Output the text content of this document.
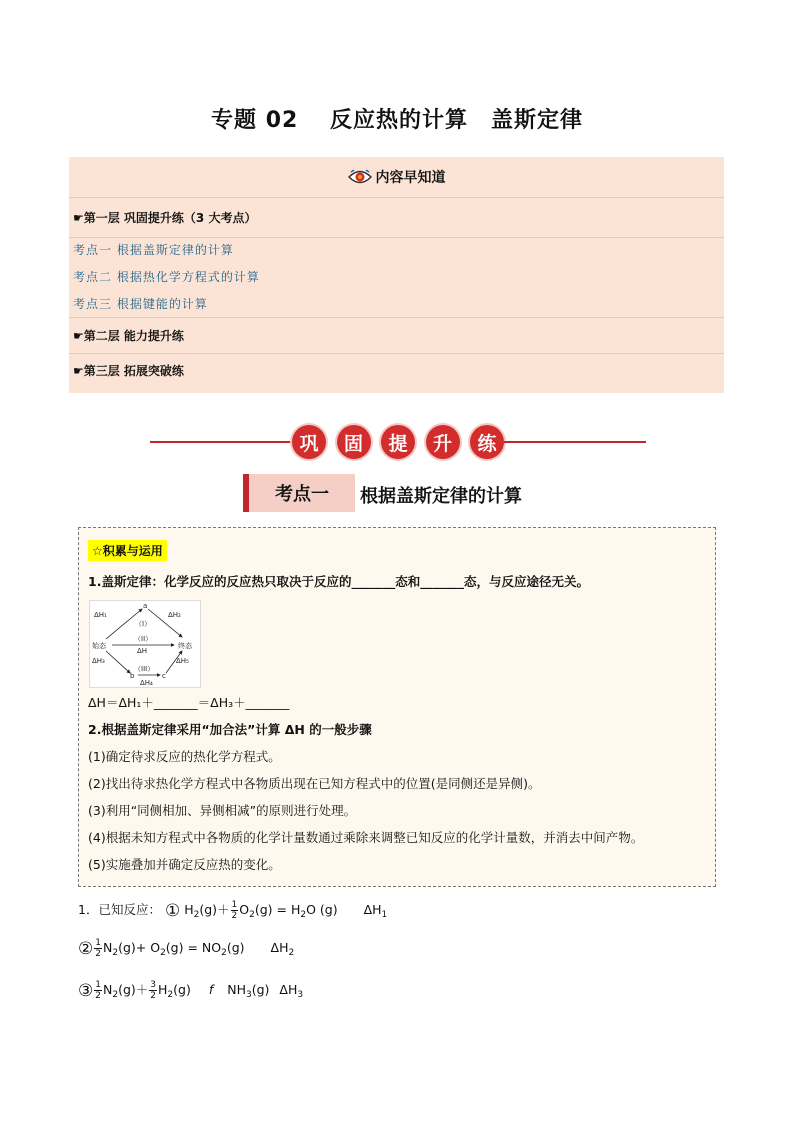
专题 02　 反应热的计算　盖斯定律
内容早知道
☛第一层 巩固提升练（3 大考点）
考点一 根据盖斯定律的计算
考点二 根据热化学方程式的计算
考点三 根据键能的计算
☛第二层 能力提升练
☛第三层 拓展突破练
巩	固	提	升	练
考点一	根据盖斯定律的计算
☆积累与运用
1.盖斯定律：化学反应的反应热只取决于反应的_______态和_______态，与反应途径无关。
a
ΔH₁	ΔH₂
（I）
（II）
始态	终态
ΔH
ΔH₃
b	c
（III）
ΔH₅
ΔH₄
ΔH＝ΔH₁＋_______＝ΔH₃＋_______
2.根据盖斯定律采用“加合法”计算 ΔH 的一般步骤
(1)确定待求反应的热化学方程式。
(2)找出待求热化学方程式中各物质出现在已知方程式中的位置(是同侧还是异侧)。
(3)利用“同侧相加、异侧相减”的原则进行处理。
(4)根据未知方程式中各物质的化学计量数通过乘除来调整已知反应的化学计量数，并消去中间产物。
(5)实施叠加并确定反应热的变化。
1．已知反应： ① $H_2(g)+ \frac{1}{2} O_2(g) = H_2O$ (g) $\Delta H_1$
② $\frac{1}{2} N_2(g)+ O_2(g) = NO_2(g)$ $\Delta H_2$
③ $\frac{1}{2} N_2(g)+ \frac{3}{2} H_2(g)$ f $NH_3(g)$ $\Delta H_3$
